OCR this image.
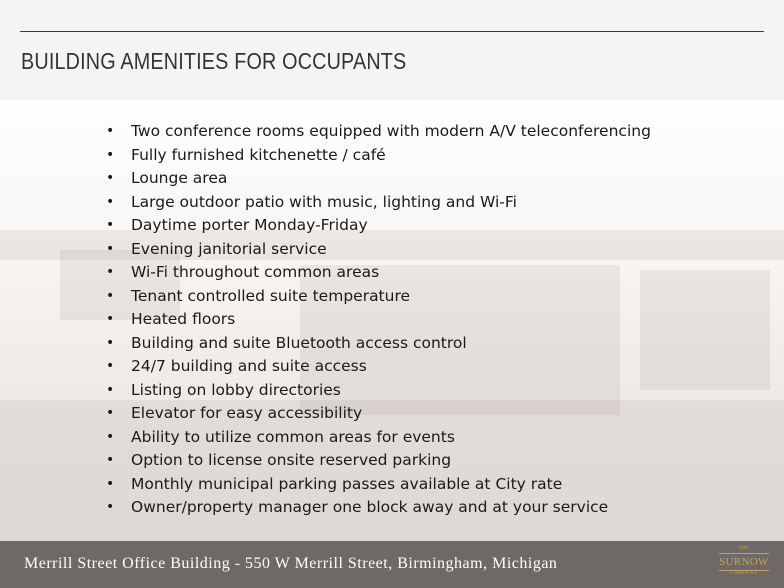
BUILDING AMENITIES FOR OCCUPANTS
• Two conference rooms equipped with modern A/V teleconferencing
• Fully furnished kitchenette / café
• Lounge area
• Large outdoor patio with music, lighting and Wi-Fi
• Daytime porter Monday-Friday
• Evening janitorial service
• Wi-Fi throughout common areas
• Tenant controlled suite temperature
• Heated floors
• Building and suite Bluetooth access control
• 24/7 building and suite access
• Listing on lobby directories
• Elevator for easy accessibility
• Ability to utilize common areas for events
• Option to license onsite reserved parking
• Monthly municipal parking passes available at City rate
• Owner/property manager one block away and at your service
Merrill Street Office Building - 550 W Merrill Street, Birmingham, Michigan
THE
SURNOW
COMPANY
